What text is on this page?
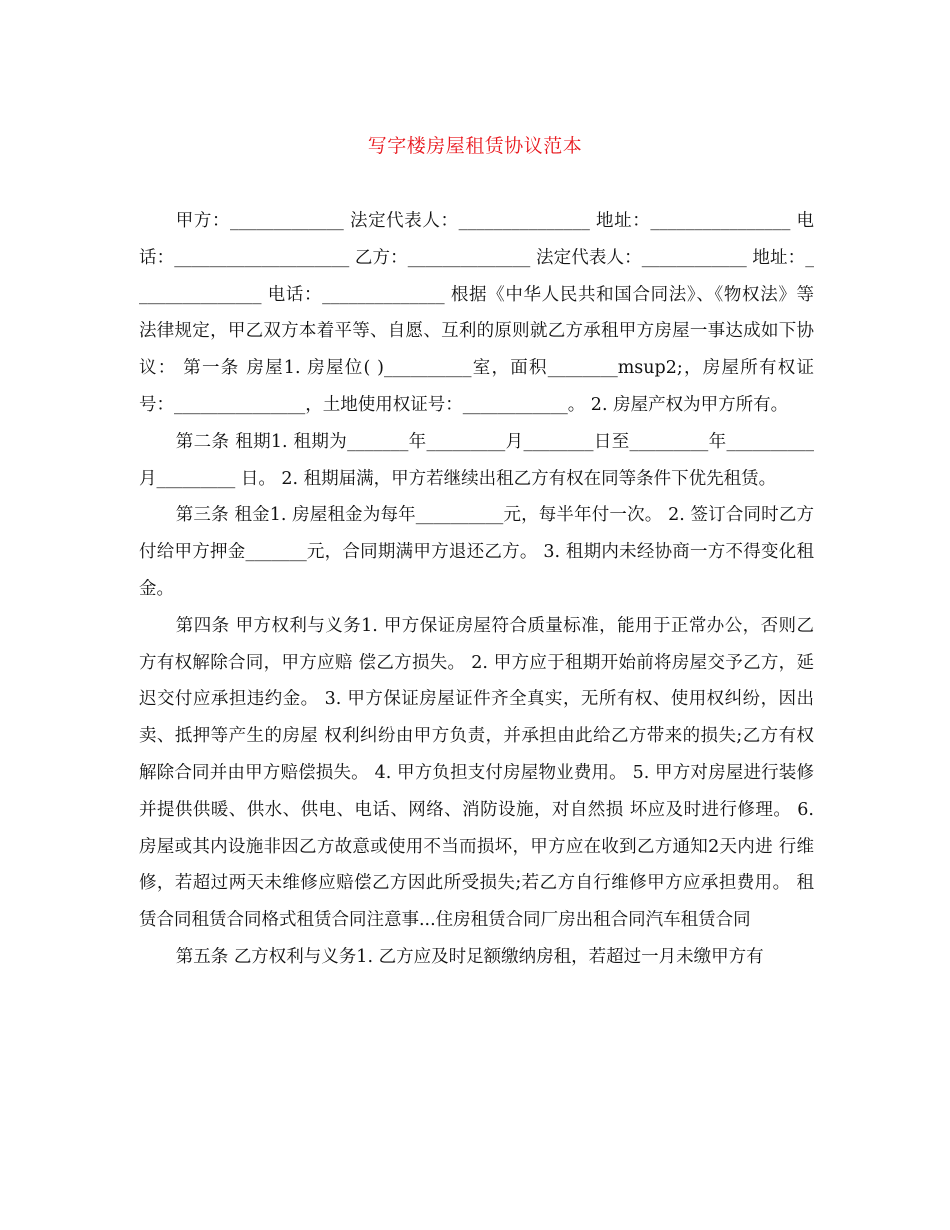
写字楼房屋租赁协议范本

甲方：_____________ 法定代表人：_______________ 地址：________________ 电话：____________________ 乙方：______________ 法定代表人：____________ 地址：_______________ 电话：______________ 根据《中华人民共和国合同法》、《物权法》等法律规定，甲乙双方本着平等、自愿、互利的原则就乙方承租甲方房屋一事达成如下协议： 第一条 房屋1. 房屋位( )__________室，面积________msup2;，房屋所有权证 号：_______________，土地使用权证号：____________。 2. 房屋产权为甲方所有。

第二条 租期1. 租期为_______年_________月________日至_________年__________月_________ 日。 2. 租期届满，甲方若继续出租乙方有权在同等条件下优先租赁。

第三条 租金1. 房屋租金为每年__________元，每半年付一次。 2. 签订合同时乙方付给甲方押金_______元，合同期满甲方退还乙方。 3. 租期内未经协商一方不得变化租金。

第四条 甲方权利与义务1. 甲方保证房屋符合质量标准，能用于正常办公，否则乙方有权解除合同，甲方应赔 偿乙方损失。 2. 甲方应于租期开始前将房屋交予乙方，延迟交付应承担违约金。 3. 甲方保证房屋证件齐全真实，无所有权、使用权纠纷，因出卖、抵押等产生的房屋 权利纠纷由甲方负责，并承担由此给乙方带来的损失;乙方有权解除合同并由甲方赔偿损失。 4. 甲方负担支付房屋物业费用。 5. 甲方对房屋进行装修并提供供暖、供水、供电、电话、网络、消防设施，对自然损 坏应及时进行修理。 6. 房屋或其内设施非因乙方故意或使用不当而损坏，甲方应在收到乙方通知2天内进 行维修，若超过两天未维修应赔偿乙方因此所受损失;若乙方自行维修甲方应承担费用。 租赁合同租赁合同格式租赁合同注意事...住房租赁合同厂房出租合同汽车租赁合同

第五条 乙方权利与义务1. 乙方应及时足额缴纳房租，若超过一月未缴甲方有
